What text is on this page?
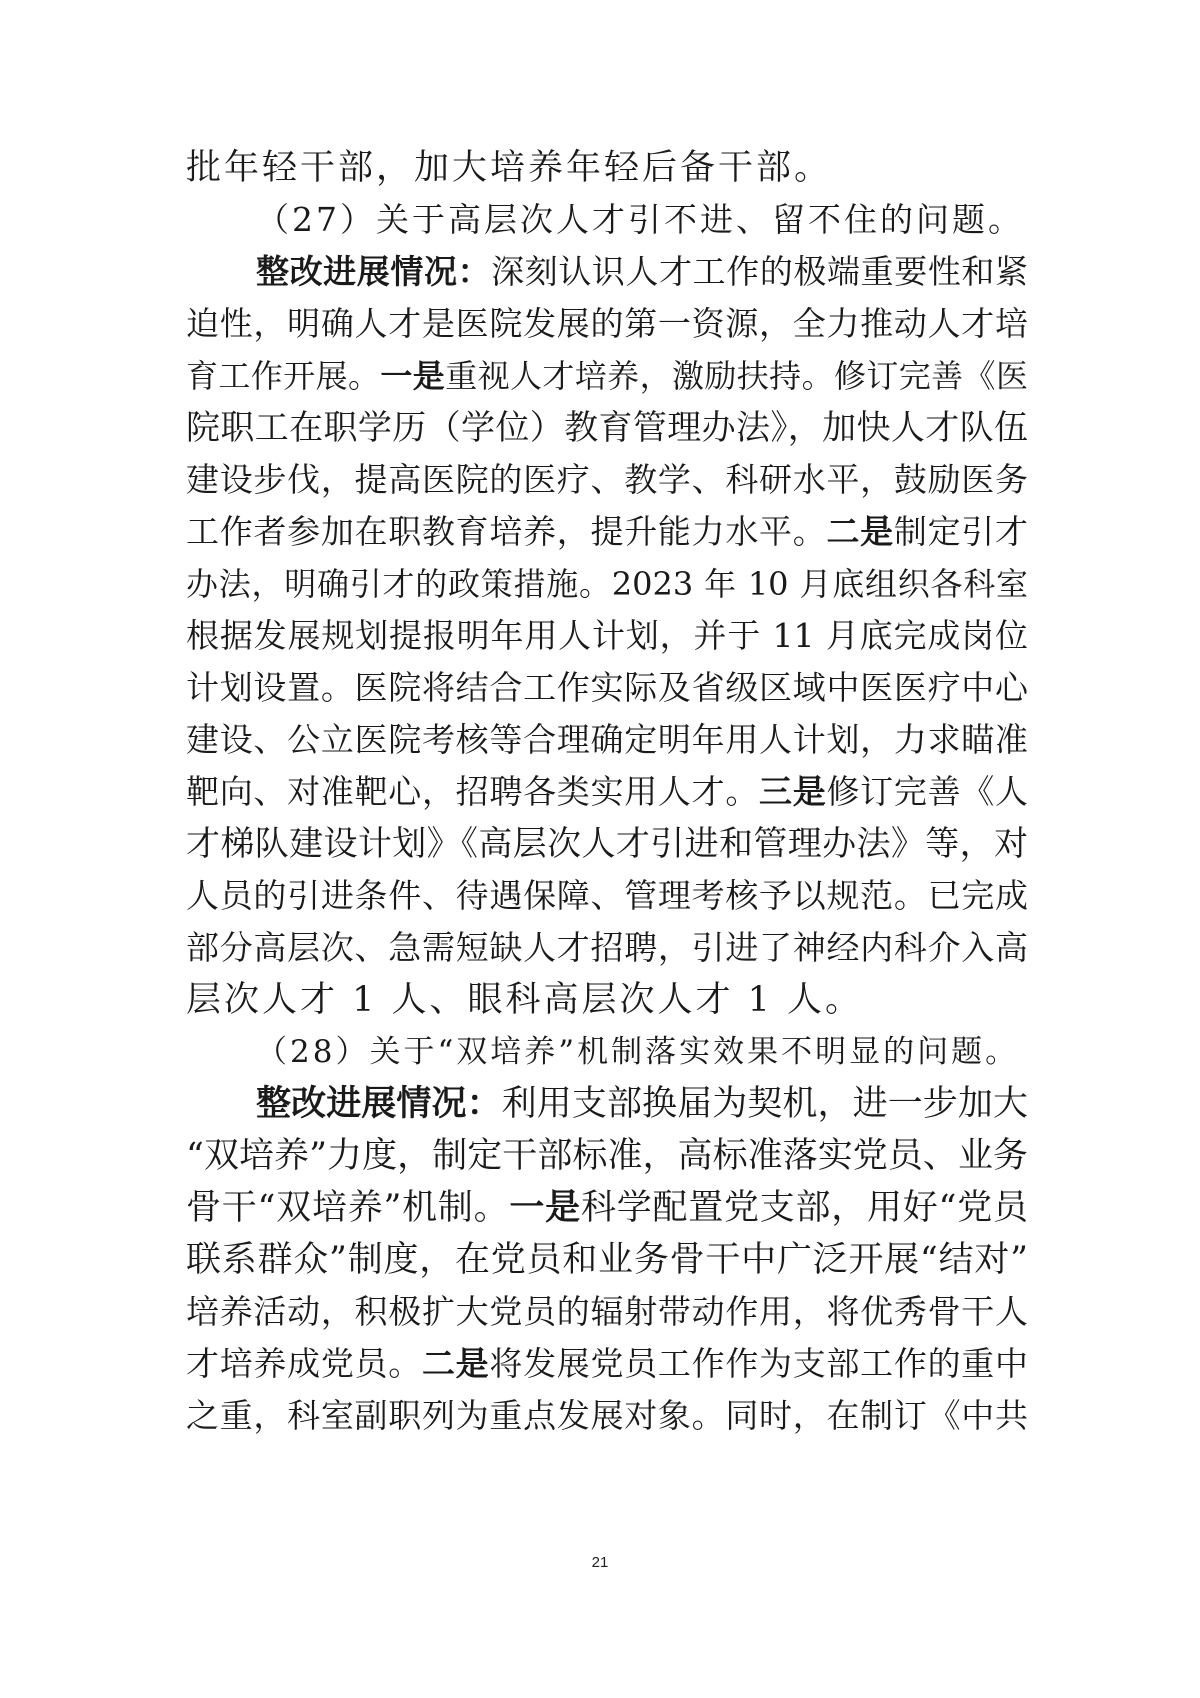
批年轻干部，加大培养年轻后备干部。
（27）关于高层次人才引不进、留不住的问题。
整改进展情况：深刻认识人才工作的极端重要性和紧
迫性，明确人才是医院发展的第一资源，全力推动人才培
育工作开展。一是重视人才培养，激励扶持。修订完善《医
院职工在职学历（学位）教育管理办法》，加快人才队伍
建设步伐，提高医院的医疗、教学、科研水平，鼓励医务
工作者参加在职教育培养，提升能力水平。二是制定引才
办法，明确引才的政策措施。2023 年 10 月底组织各科室
根据发展规划提报明年用人计划，并于 11 月底完成岗位
计划设置。医院将结合工作实际及省级区域中医医疗中心
建设、公立医院考核等合理确定明年用人计划，力求瞄准
靶向、对准靶心，招聘各类实用人才。三是修订完善《人
才梯队建设计划》《高层次人才引进和管理办法》等，对
人员的引进条件、待遇保障、管理考核予以规范。已完成
部分高层次、急需短缺人才招聘，引进了神经内科介入高
层次人才 1 人、眼科高层次人才 1 人。
（28）关于“双培养”机制落实效果不明显的问题。
整改进展情况：利用支部换届为契机，进一步加大
“双培养”力度，制定干部标准，高标准落实党员、业务
骨干“双培养”机制。一是科学配置党支部，用好“党员
联系群众”制度，在党员和业务骨干中广泛开展“结对”
培养活动，积极扩大党员的辐射带动作用，将优秀骨干人
才培养成党员。二是将发展党员工作作为支部工作的重中
之重，科室副职列为重点发展对象。同时，在制订《中共
21
